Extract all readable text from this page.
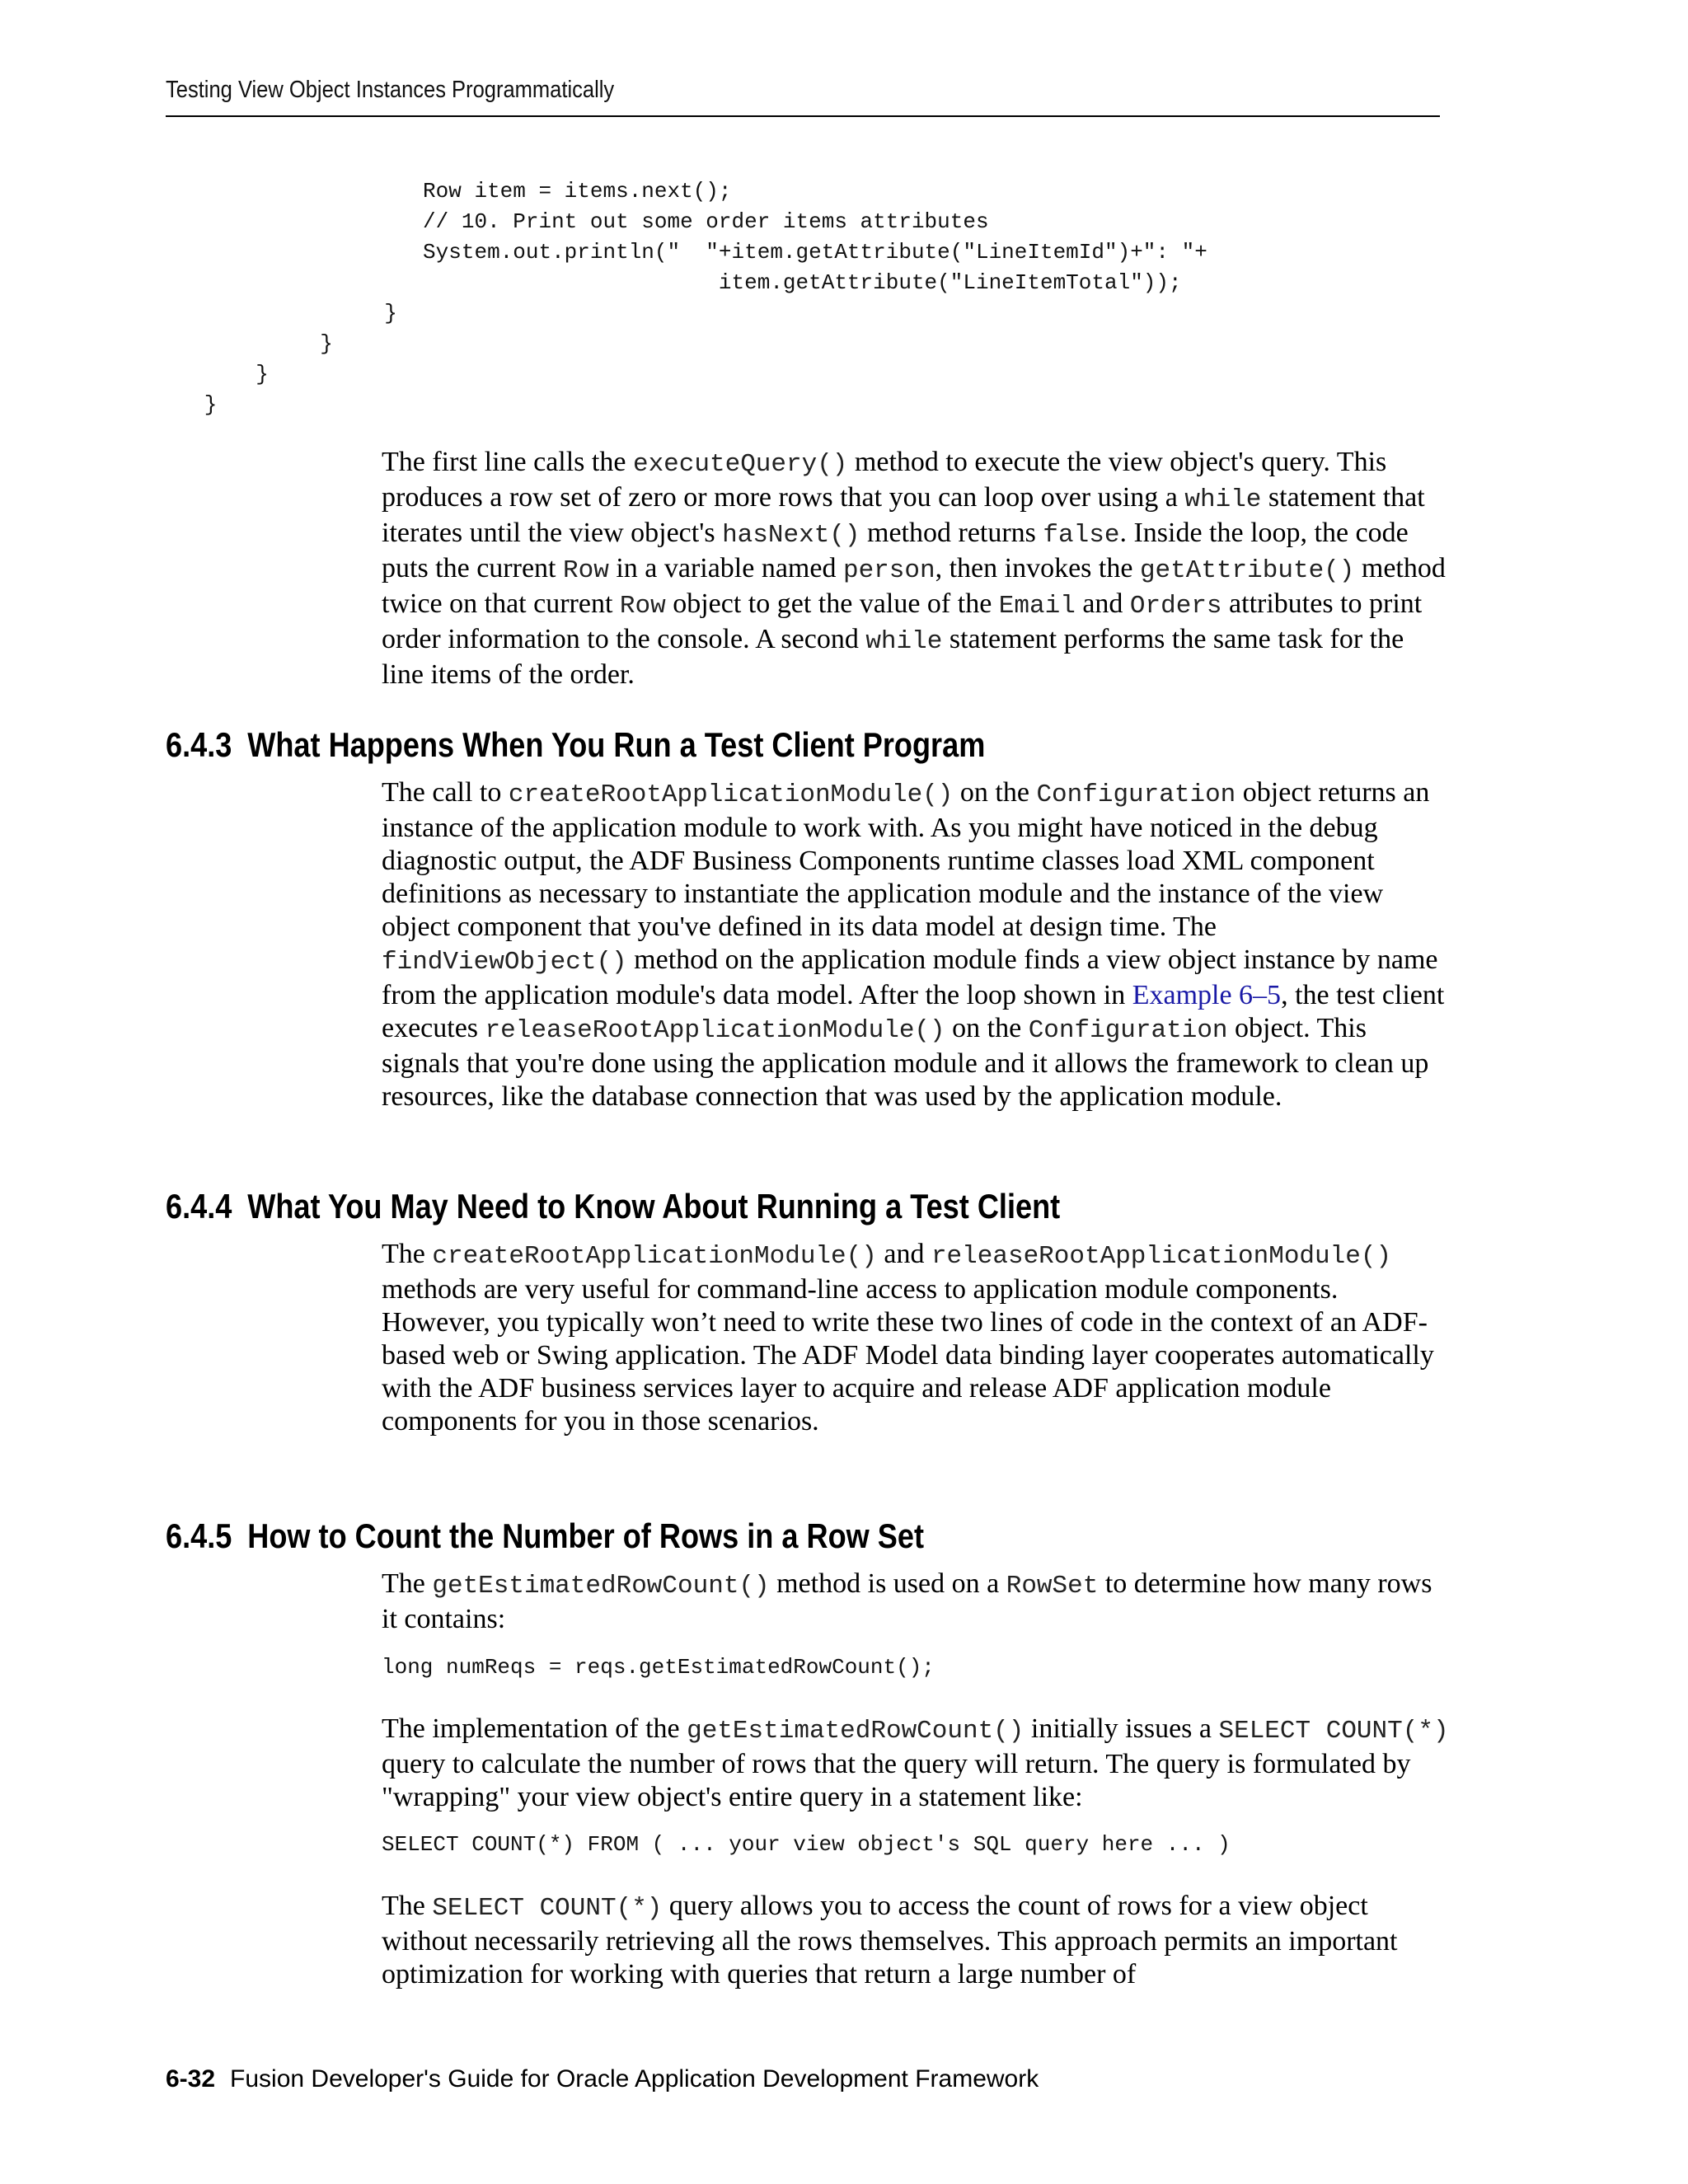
Testing View Object Instances Programmatically
Row item = items.next();
// 10. Print out some order items attributes
System.out.println("  "+item.getAttribute("LineItemId")+": "+
item.getAttribute("LineItemTotal"));
}
}
}
}

The first line calls the executeQuery() method to execute the view object's query. This produces a row set of zero or more rows that you can loop over using a while statement that iterates until the view object's hasNext() method returns false. Inside the loop, the code puts the current Row in a variable named person, then invokes the getAttribute() method twice on that current Row object to get the value of the Email and Orders attributes to print order information to the console. A second while statement performs the same task for the line items of the order.

6.4.3 What Happens When You Run a Test Client Program

The call to createRootApplicationModule() on the Configuration object returns an instance of the application module to work with. As you might have noticed in the debug diagnostic output, the ADF Business Components runtime classes load XML component definitions as necessary to instantiate the application module and the instance of the view object component that you've defined in its data model at design time. The findViewObject() method on the application module finds a view object instance by name from the application module's data model. After the loop shown in Example 6–5, the test client executes releaseRootApplicationModule() on the Configuration object. This signals that you're done using the application module and it allows the framework to clean up resources, like the database connection that was used by the application module.

6.4.4 What You May Need to Know About Running a Test Client

The createRootApplicationModule() and releaseRootApplicationModule() methods are very useful for command-line access to application module components. However, you typically won’t need to write these two lines of code in the context of an ADF-based web or Swing application. The ADF Model data binding layer cooperates automatically with the ADF business services layer to acquire and release ADF application module components for you in those scenarios.

6.4.5 How to Count the Number of Rows in a Row Set

The getEstimatedRowCount() method is used on a RowSet to determine how many rows it contains:

long numReqs = reqs.getEstimatedRowCount();

The implementation of the getEstimatedRowCount() initially issues a SELECT COUNT(*) query to calculate the number of rows that the query will return. The query is formulated by "wrapping" your view object's entire query in a statement like:

SELECT COUNT(*) FROM ( ... your view object's SQL query here ... )

The SELECT COUNT(*) query allows you to access the count of rows for a view object without necessarily retrieving all the rows themselves. This approach permits an important optimization for working with queries that return a large number of

6-32 Fusion Developer's Guide for Oracle Application Development Framework
